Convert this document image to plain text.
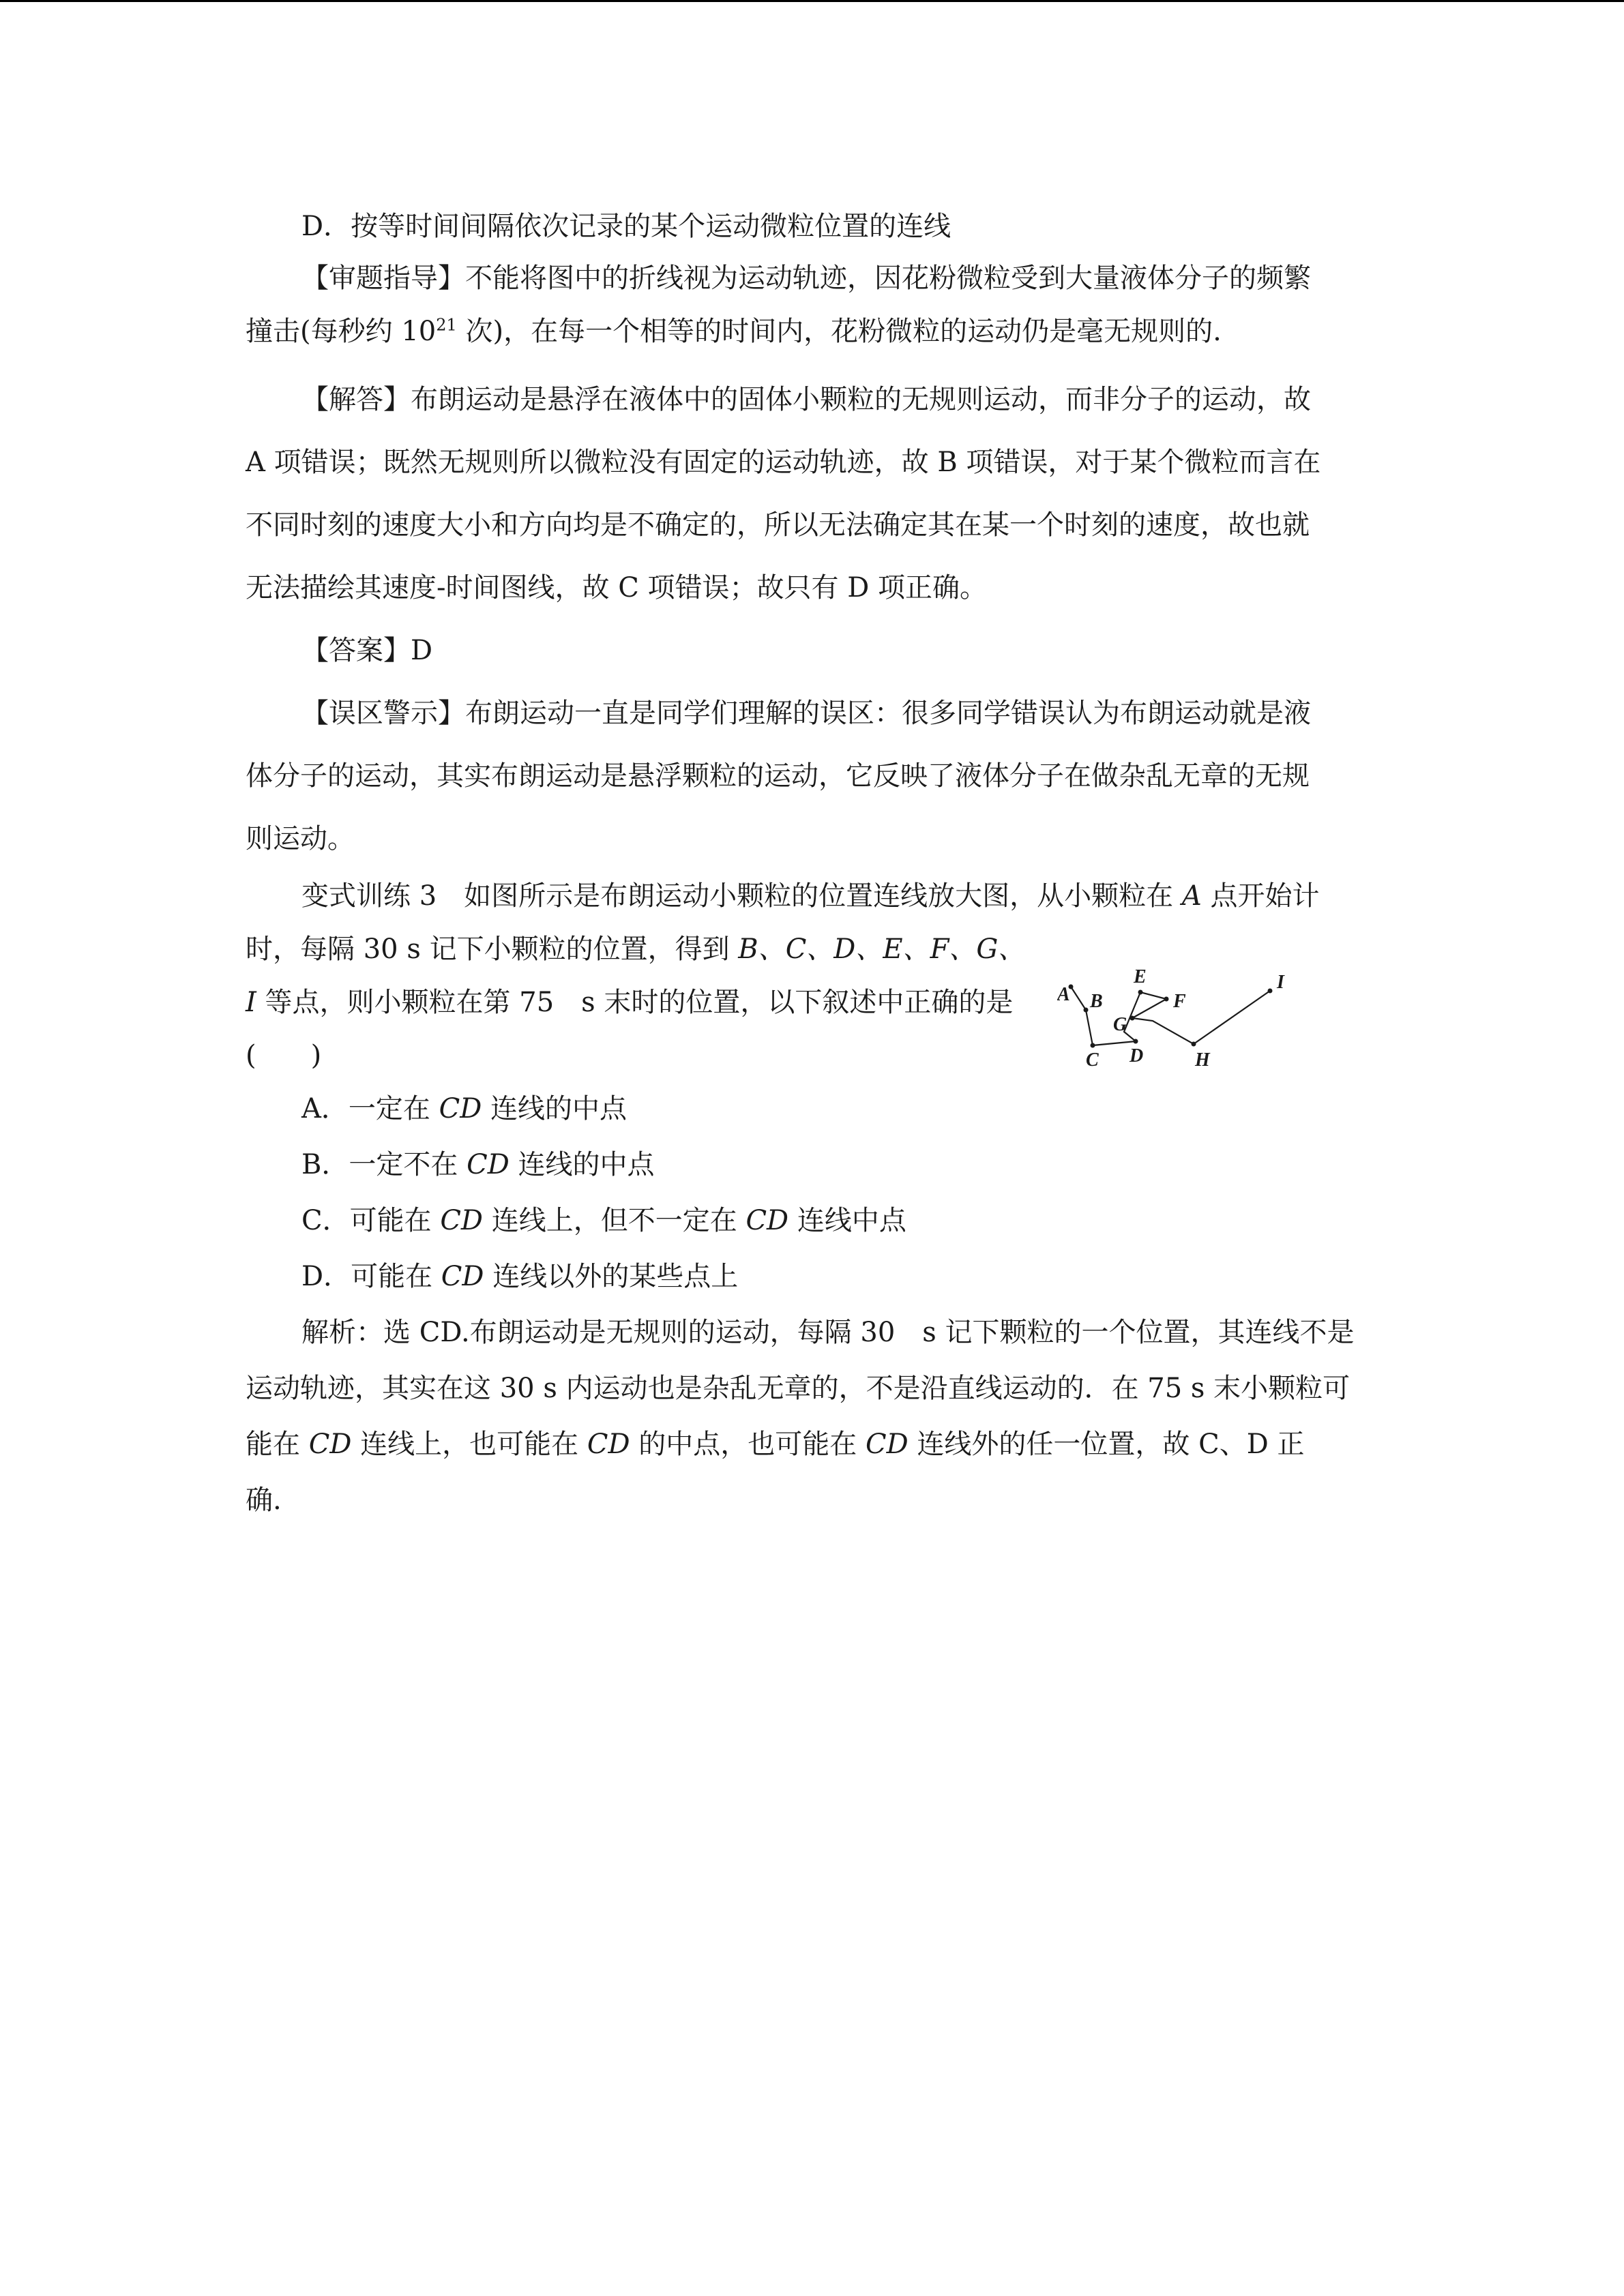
D．按等时间间隔依次记录的某个运动微粒位置的连线
【审题指导】不能将图中的折线视为运动轨迹，因花粉微粒受到大量液体分子的频繁
撞击(每秒约 $10^{21}$ 次)，在每一个相等的时间内，花粉微粒的运动仍是毫无规则的.
【解答】布朗运动是悬浮在液体中的固体小颗粒的无规则运动，而非分子的运动，故
A 项错误；既然无规则所以微粒没有固定的运动轨迹，故 B 项错误，对于某个微粒而言在
不同时刻的速度大小和方向均是不确定的，所以无法确定其在某一个时刻的速度，故也就
无法描绘其速度-时间图线，故 C 项错误；故只有 D 项正确。
【答案】D
【误区警示】布朗运动一直是同学们理解的误区：很多同学错误认为布朗运动就是液
体分子的运动，其实布朗运动是悬浮颗粒的运动，它反映了液体分子在做杂乱无章的无规
则运动。
变式训练 3　如图所示是布朗运动小颗粒的位置连线放大图，从小颗粒在 A 点开始计
时，每隔 30 s 记下小颗粒的位置，得到 B、C、D、E、F、G、
I 等点，则小颗粒在第 75　s 末时的位置，以下叙述中正确的是
(　　)
A．一定在 CD 连线的中点
B．一定不在 CD 连线的中点
C．可能在 CD 连线上，但不一定在 CD 连线中点
D．可能在 CD 连线以外的某些点上
解析：选 CD.布朗运动是无规则的运动，每隔 30　s 记下颗粒的一个位置，其连线不是
运动轨迹，其实在这 30 s 内运动也是杂乱无章的，不是沿直线运动的．在 75 s 末小颗粒可
能在 CD 连线上，也可能在 CD 的中点，也可能在 CD 连线外的任一位置，故 C、D 正
确.
A B
C D
E
F
G
H
I
